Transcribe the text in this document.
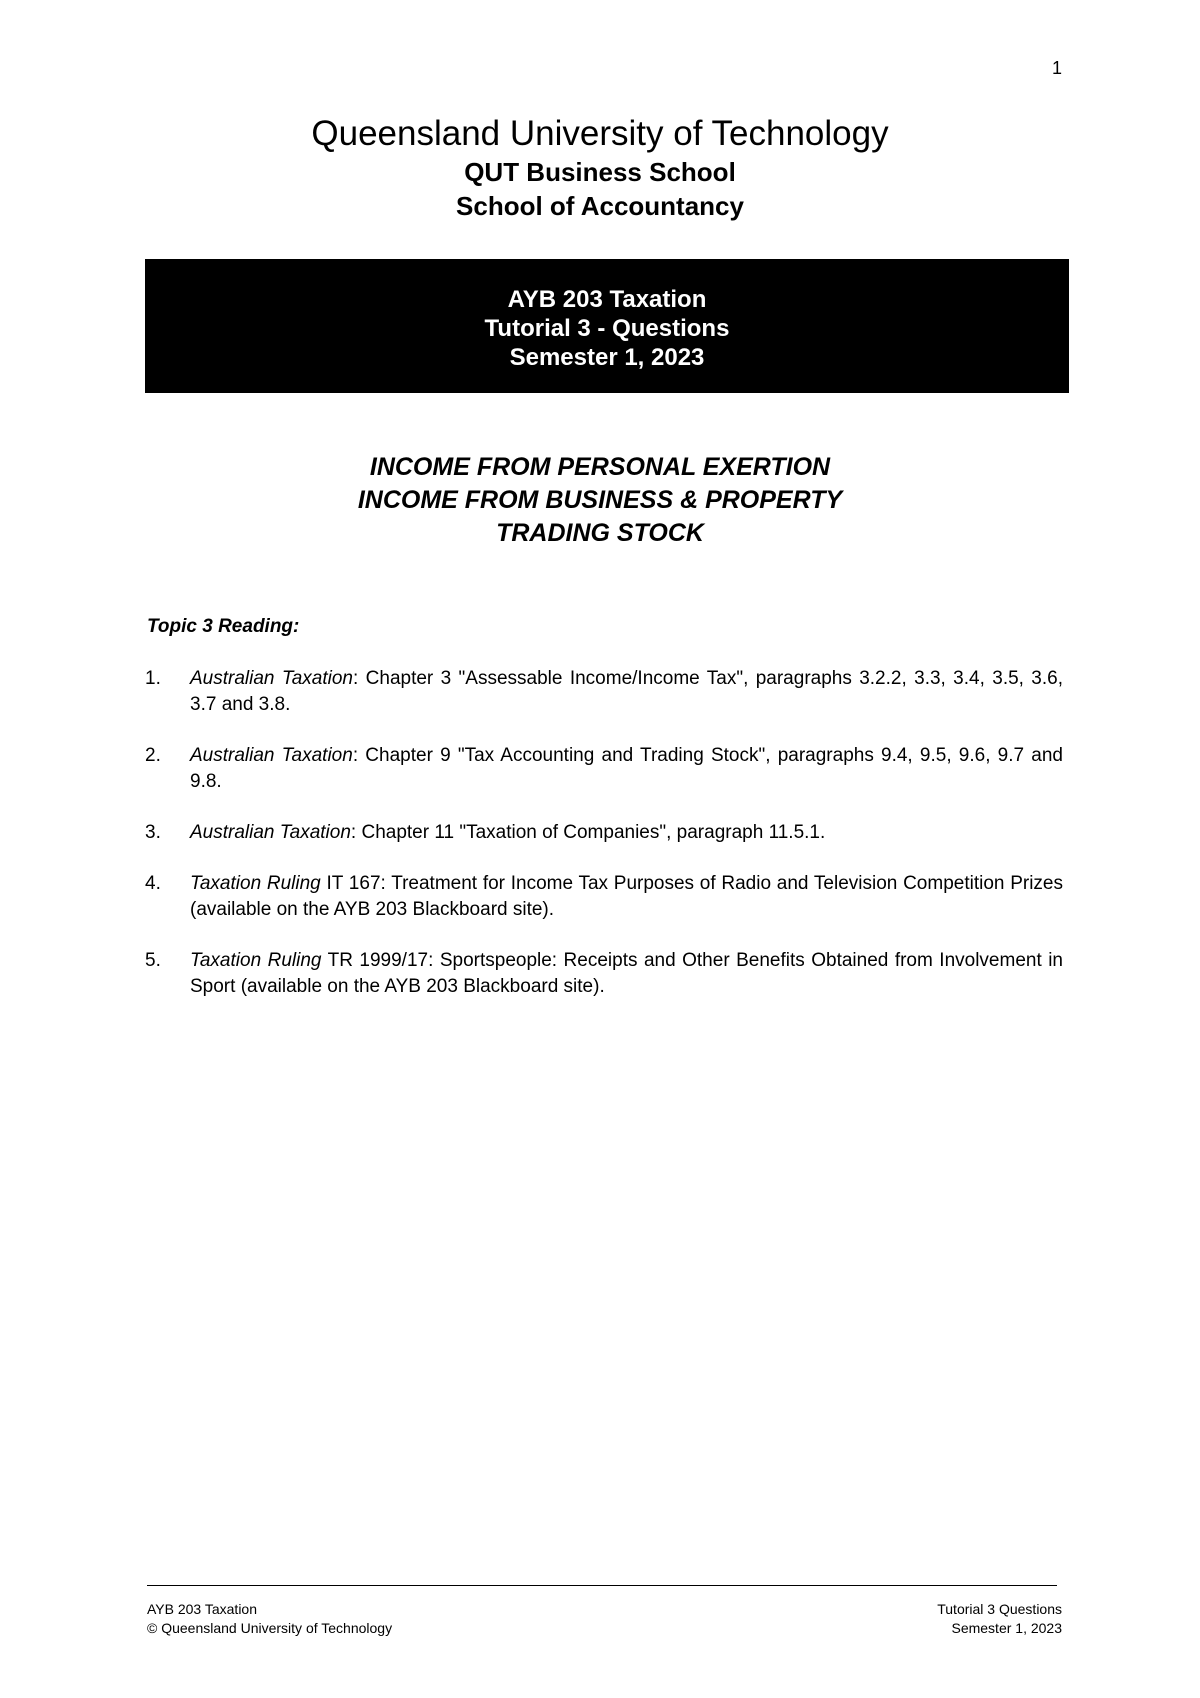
1
Queensland University of Technology
QUT Business School
School of Accountancy
AYB 203 Taxation
Tutorial 3 - Questions
Semester 1, 2023
INCOME FROM PERSONAL EXERTION
INCOME FROM BUSINESS & PROPERTY
TRADING STOCK
Topic 3 Reading:
1. Australian Taxation: Chapter 3 "Assessable Income/Income Tax", paragraphs 3.2.2, 3.3, 3.4, 3.5, 3.6, 3.7 and 3.8.
2. Australian Taxation: Chapter 9 "Tax Accounting and Trading Stock", paragraphs 9.4, 9.5, 9.6, 9.7 and 9.8.
3. Australian Taxation: Chapter 11 "Taxation of Companies", paragraph 11.5.1.
4. Taxation Ruling IT 167: Treatment for Income Tax Purposes of Radio and Television Competition Prizes (available on the AYB 203 Blackboard site).
5. Taxation Ruling TR 1999/17: Sportspeople: Receipts and Other Benefits Obtained from Involvement in Sport (available on the AYB 203 Blackboard site).
AYB 203 Taxation
© Queensland University of Technology
Tutorial 3 Questions
Semester 1, 2023
